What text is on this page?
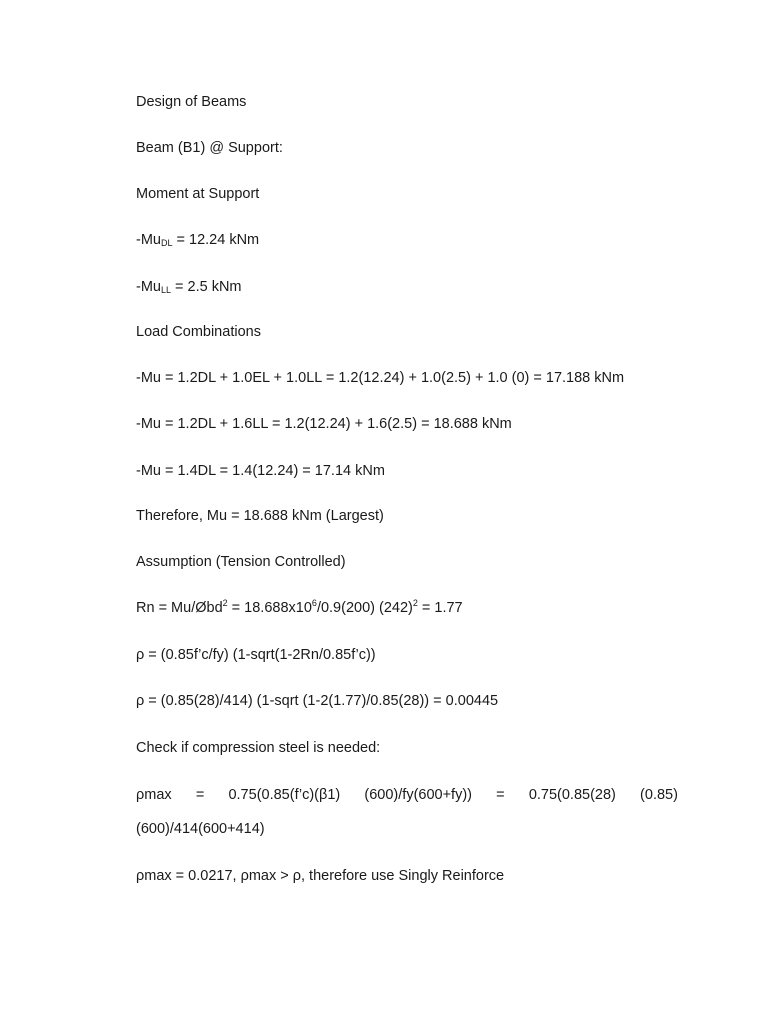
Design of Beams
Beam (B1) @ Support:
Moment at Support
$-Mu_{DL} = 12.24$ kNm
$-Mu_{LL} = 2.5$ kNm
Load Combinations
-Mu = 1.2DL + 1.0EL + 1.0LL = 1.2(12.24) + 1.0(2.5) + 1.0 (0) = 17.188 kNm
-Mu = 1.2DL + 1.6LL = 1.2(12.24) + 1.6(2.5) = 18.688 kNm
-Mu = 1.4DL = 1.4(12.24) = 17.14 kNm
Therefore, Mu = 18.688 kNm (Largest)
Assumption (Tension Controlled)
Rn = Mu/Øbd$^2$ = $18.688x10^6/0.9(200) (242)^2 = 1.77$
ρ = (0.85f’c/fy) (1-sqrt(1-2Rn/0.85f’c))
ρ = (0.85(28)/414) (1-sqrt (1-2(1.77)/0.85(28)) = 0.00445
Check if compression steel is needed:
ρmax = 0.75(0.85(f’c)(β1) (600)/fy(600+fy)) = 0.75(0.85(28) (0.85)
(600)/414(600+414)
ρmax = 0.0217, ρmax > ρ, therefore use Singly Reinforce
